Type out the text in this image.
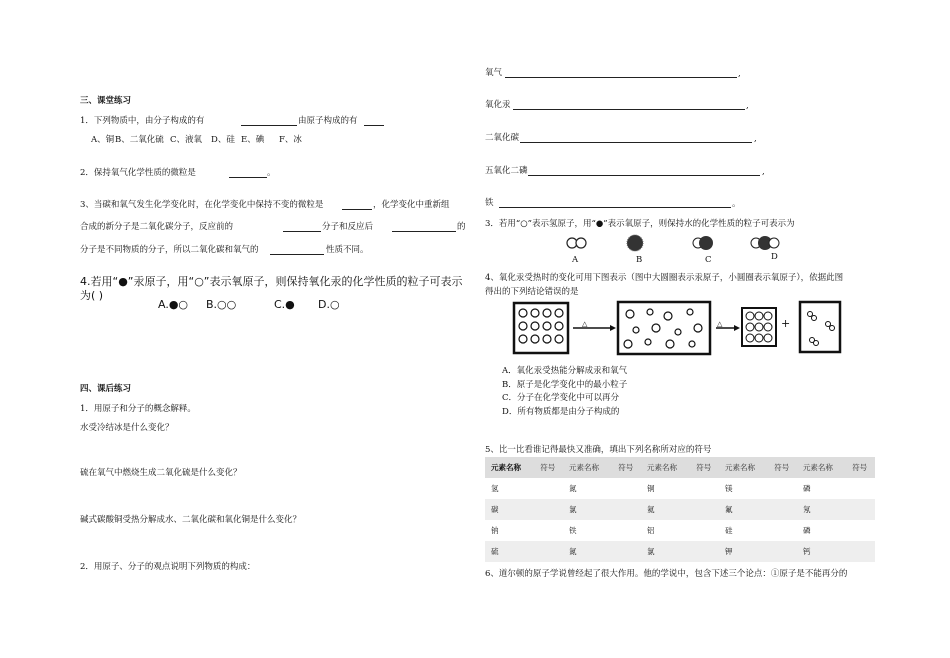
三、课堂练习
1．下列物质中，由分子构成的有	由原子构成的有
A、铜 B、二氧化硫 C、液氧 D、硅 E、碘 F、冰
2．保持氧气化学性质的微粒是	。
3、当碳和氧气发生化学变化时，在化学变化中保持不变的微粒是	，化学变化中重新组
合成的新分子是二氧化碳分子，反应前的	分子和反应后	的
分子是不同物质的分子，所以二氧化碳和氧气的	性质不同。
4.若用“●”汞原子，用“○”表示氧原子，则保持氧化汞的化学性质的粒子可表示
为( )
A.●○ B.○○	C.● D.○
四、课后练习
1．用原子和分子的概念解释。
水受冷结冰是什么变化？
硫在氧气中燃烧生成二氧化硫是什么变化？
碱式碳酸铜受热分解成水、二氧化碳和氧化铜是什么变化？
2．用原子、分子的观点说明下列物质的构成：
氧气	,
氧化汞	,
二氧化碳	,
五氧化二磷	,
铁	。
3．若用“○”表示氢原子，用“●”表示氧原子，则保持水的化学性质的粒子可表示为
A	B	C	D
4、氧化汞受热时的变化可用下图表示（图中大圆圈表示汞原子，小圆圈表示氧原子），依据此图
得出的下列结论错误的是
△	△	+
A．氧化汞受热能分解成汞和氧气
B．原子是化学变化中的最小粒子
C．分子在化学变化中可以再分
D．所有物质都是由分子构成的
5、比一比看谁记得最快又准确，填出下列名称所对应的符号
元素名称	符号	元素名称	符号	元素名称	符号	元素名称	符号	元素名称	符号
氢		氮		铜		镁		磷	
碳		氯		氦		氟		氖	
钠		铁		铝		硅		磷	
硫		氮		氯		钾		钙	
6、道尔顿的原子学说曾经起了很大作用。他的学说中，包含下述三个论点：①原子是不能再分的
